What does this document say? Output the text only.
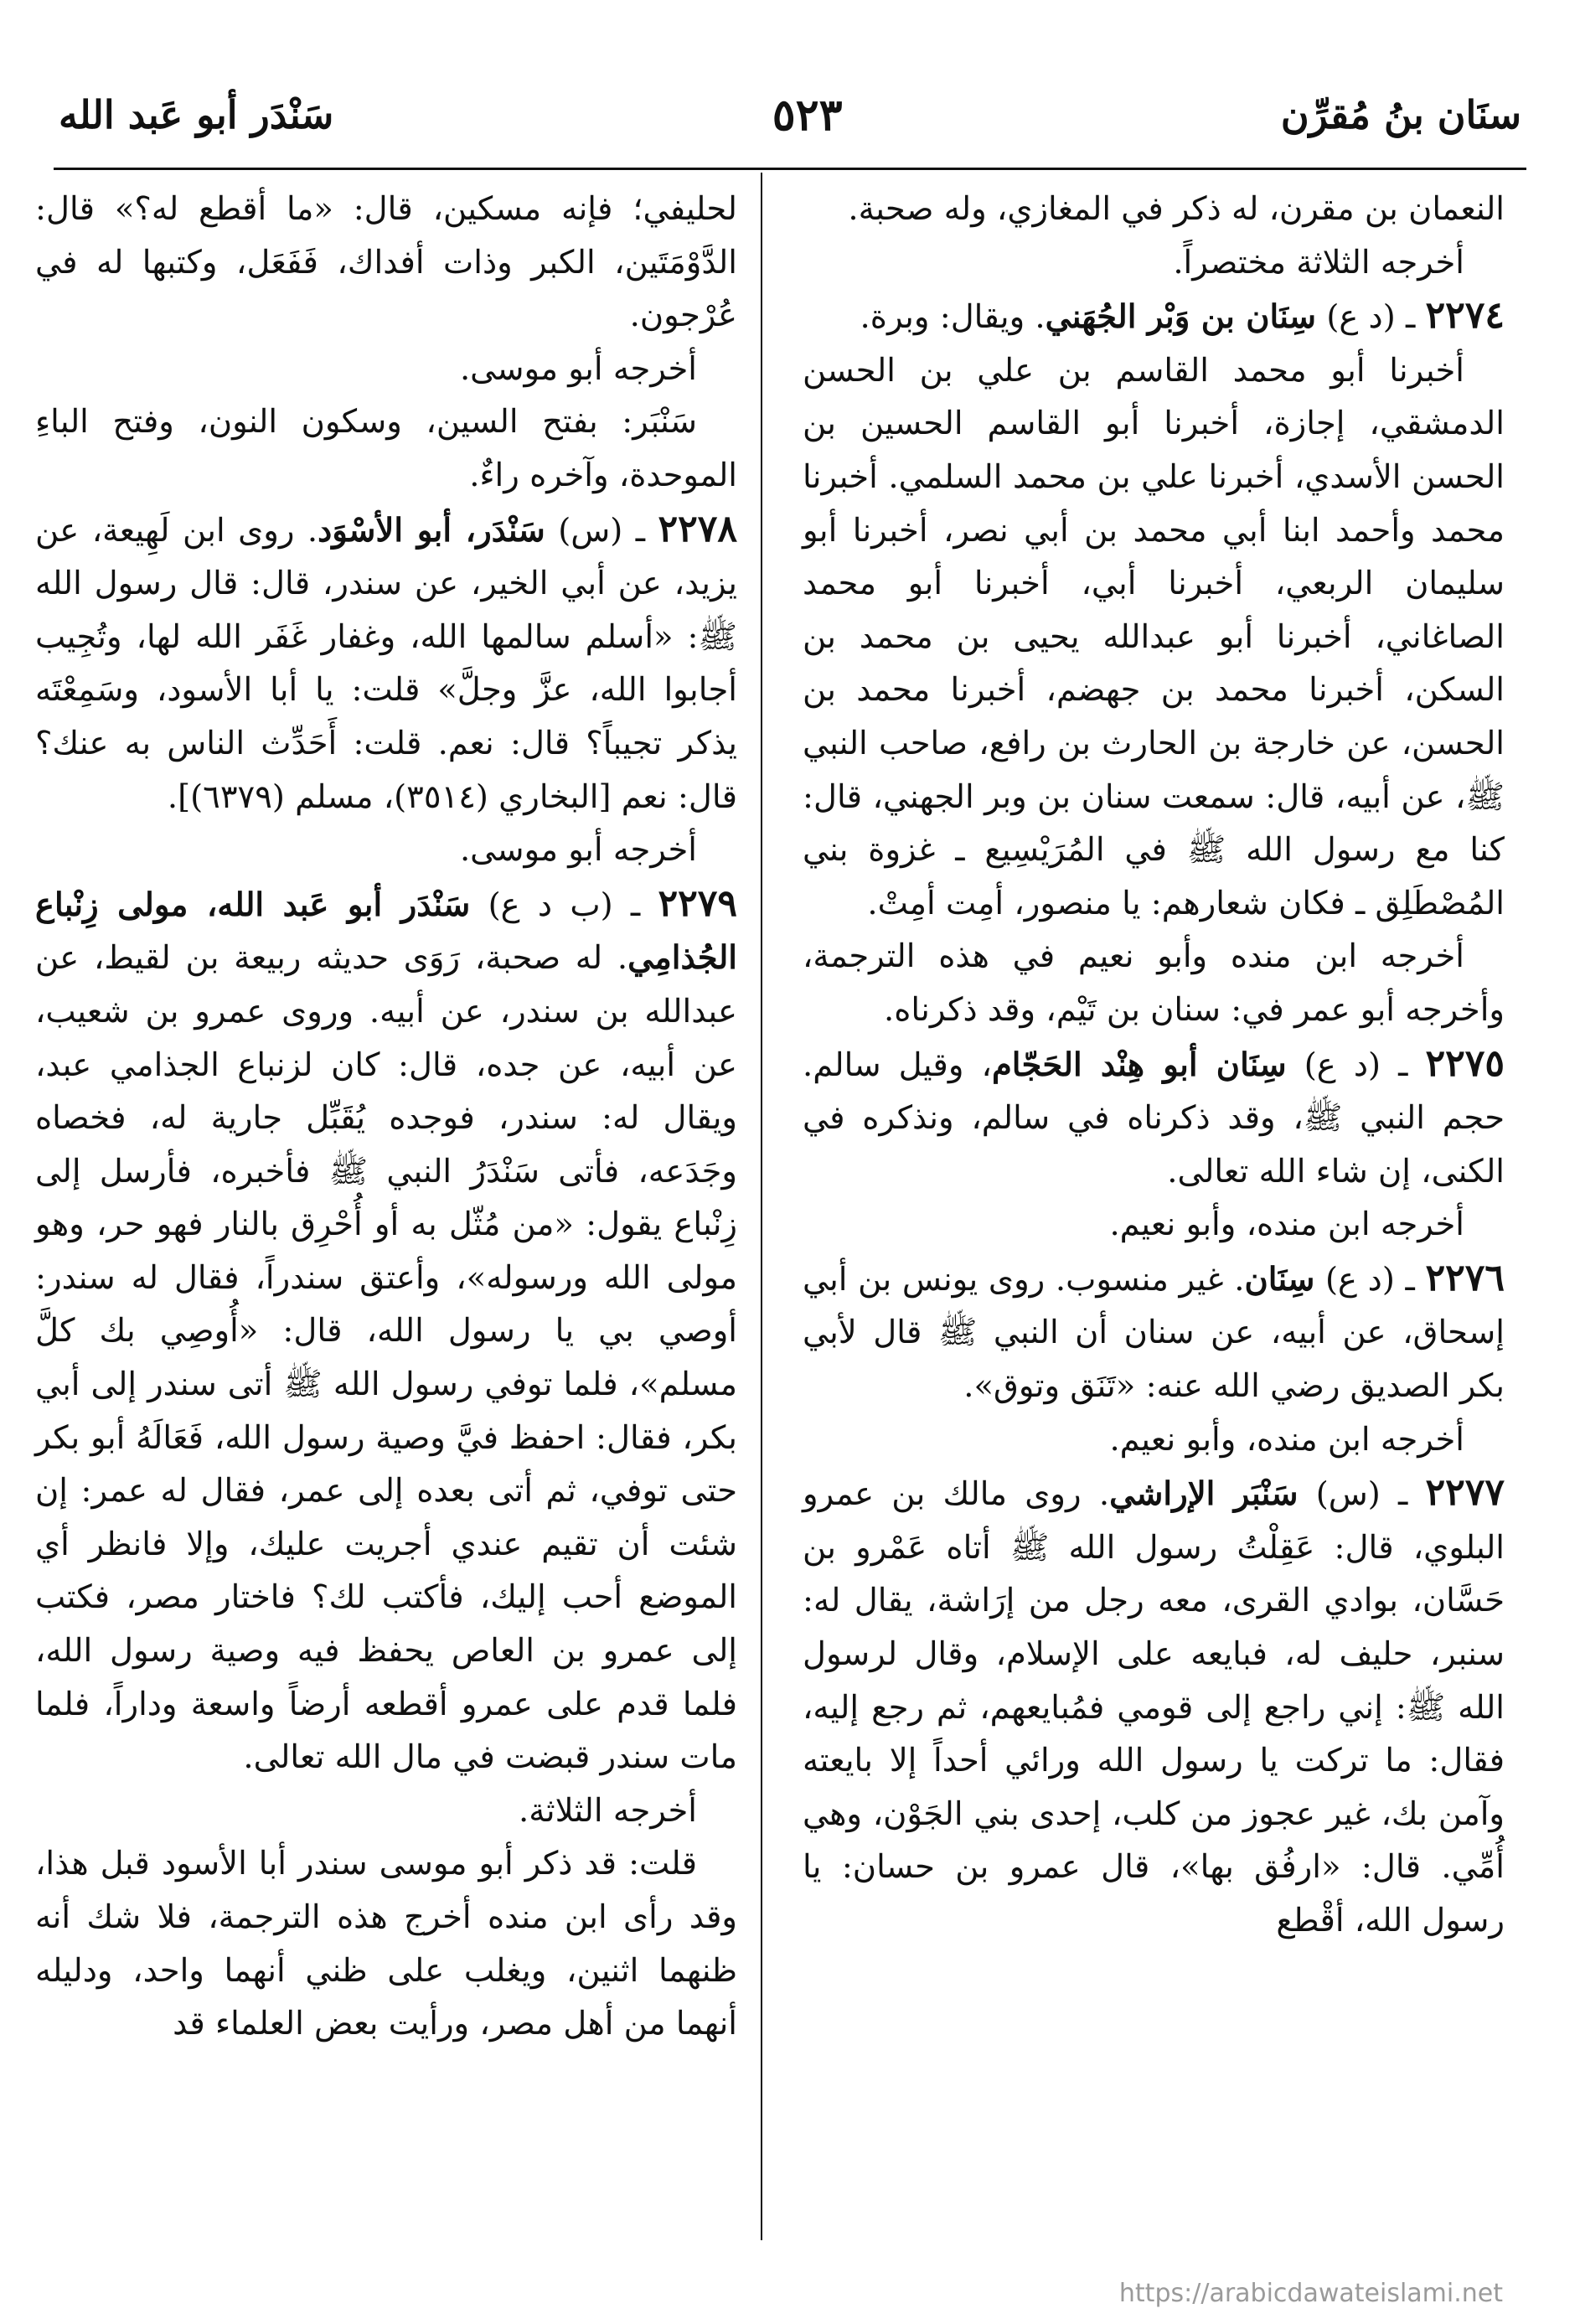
سَنْدَر أبو عَبد الله	٥٢٣	سنَان بنُ مُقرِّن

النعمان بن مقرن، له ذكر في المغازي، وله صحبة.

أخرجه الثلاثة مختصراً.

٢٢٧٤ ـ (د ع) سِنَان بن وَبْر الجُهَني. ويقال: وبرة.

أخبرنا أبو محمد القاسم بن علي بن الحسن الدمشقي، إجازة، أخبرنا أبو القاسم الحسين بن الحسن الأسدي، أخبرنا علي بن محمد السلمي. أخبرنا محمد وأحمد ابنا أبي محمد بن أبي نصر، أخبرنا أبو سليمان الربعي، أخبرنا أبي، أخبرنا أبو محمد الصاغاني، أخبرنا أبو عبدالله يحيى بن محمد بن السكن، أخبرنا محمد بن جهضم، أخبرنا محمد بن الحسن، عن خارجة بن الحارث بن رافع، صاحب النبي ﷺ، عن أبيه، قال: سمعت سنان بن وبر الجهني، قال: كنا مع رسول الله ﷺ في المُرَيْسِيع ـ غزوة بني المُصْطَلِق ـ فكان شعارهم: يا منصور، أمِت أمِتْ.

أخرجه ابن منده وأبو نعيم في هذه الترجمة، وأخرجه أبو عمر في: سنان بن تَيْم، وقد ذكرناه.

٢٢٧٥ ـ (د ع) سِنَان أبو هِنْد الحَجّام، وقيل سالم. حجم النبي ﷺ، وقد ذكرناه في سالم، ونذكره في الكنى، إن شاء الله تعالى.

أخرجه ابن منده، وأبو نعيم.

٢٢٧٦ ـ (د ع) سِنَان. غير منسوب. روى يونس بن أبي إسحاق، عن أبيه، عن سنان أن النبي ﷺ قال لأبي بكر الصديق رضي الله عنه: «تَنَق وتوق».

أخرجه ابن منده، وأبو نعيم.

٢٢٧٧ ـ (س) سَنْبَر الإراشي. روى مالك بن عمرو البلوي، قال: عَقِلْتُ رسول الله ﷺ أتاه عَمْرو بن حَسَّان، بوادي القرى، معه رجل من إرَاشة، يقال له: سنبر، حليف له، فبايعه على الإسلام، وقال لرسول الله ﷺ: إني راجع إلى قومي فمُبايعهم، ثم رجع إليه، فقال: ما تركت يا رسول الله ورائي أحداً إلا بايعته وآمن بك، غير عجوز من كلب، إحدى بني الجَوْن، وهي أُمِّي. قال: «ارفُق بها»، قال عمرو بن حسان: يا رسول الله، أقْطع

لحليفي؛ فإنه مسكين، قال: «ما أقطع له؟» قال: الدَّوْمَتَين، الكبر وذات أفداك، فَفَعَل، وكتبها له في عُرْجون.

أخرجه أبو موسى.

سَنْبَر: بفتح السين، وسكون النون، وفتح الباءِ الموحدة، وآخره راءٌ.

٢٢٧٨ ـ (س) سَنْدَر، أبو الأسْوَد. روى ابن لَهِيعة، عن يزيد، عن أبي الخير، عن سندر، قال: قال رسول الله ﷺ: «أسلم سالمها الله، وغفار غَفَر الله لها، وتُجِيب أجابوا الله، عزَّ وجلَّ» قلت: يا أبا الأسود، وسَمِعْتَه يذكر تجيباً؟ قال: نعم. قلت: أَحَدِّث الناس به عنك؟ قال: نعم [البخاري (٣٥١٤)، مسلم (٦٣٧٩)].

أخرجه أبو موسى.

٢٢٧٩ ـ (ب د ع) سَنْدَر أبو عَبد الله، مولى زِنْباع الجُذامِي. له صحبة، رَوَى حديثه ربيعة بن لقيط، عن عبدالله بن سندر، عن أبيه. وروى عمرو بن شعيب، عن أبيه، عن جده، قال: كان لزنباع الجذامي عبد، ويقال له: سندر، فوجده يُقَبِّل جارية له، فخصاه وجَدَعه، فأتى سَنْدَرُ النبي ﷺ فأخبره، فأرسل إلى زِنْباع يقول: «من مُثّل به أو أُحْرِق بالنار فهو حر، وهو مولى الله ورسوله»، وأعتق سندراً، فقال له سندر: أوصي بي يا رسول الله، قال: «أُوصِي بك كلَّ مسلم»، فلما توفي رسول الله ﷺ أتى سندر إلى أبي بكر، فقال: احفظ فيَّ وصية رسول الله، فَعَالَهُ أبو بكر حتى توفي، ثم أتى بعده إلى عمر، فقال له عمر: إن شئت أن تقيم عندي أجريت عليك، وإلا فانظر أي الموضع أحب إليك، فأكتب لك؟ فاختار مصر، فكتب إلى عمرو بن العاص يحفظ فيه وصية رسول الله، فلما قدم على عمرو أقطعه أرضاً واسعة وداراً، فلما مات سندر قبضت في مال الله تعالى.

أخرجه الثلاثة.

قلت: قد ذكر أبو موسى سندر أبا الأسود قبل هذا، وقد رأى ابن منده أخرج هذه الترجمة، فلا شك أنه ظنهما اثنين، ويغلب على ظني أنهما واحد، ودليله أنهما من أهل مصر، ورأيت بعض العلماء قد

https://arabicdawateislami.net
